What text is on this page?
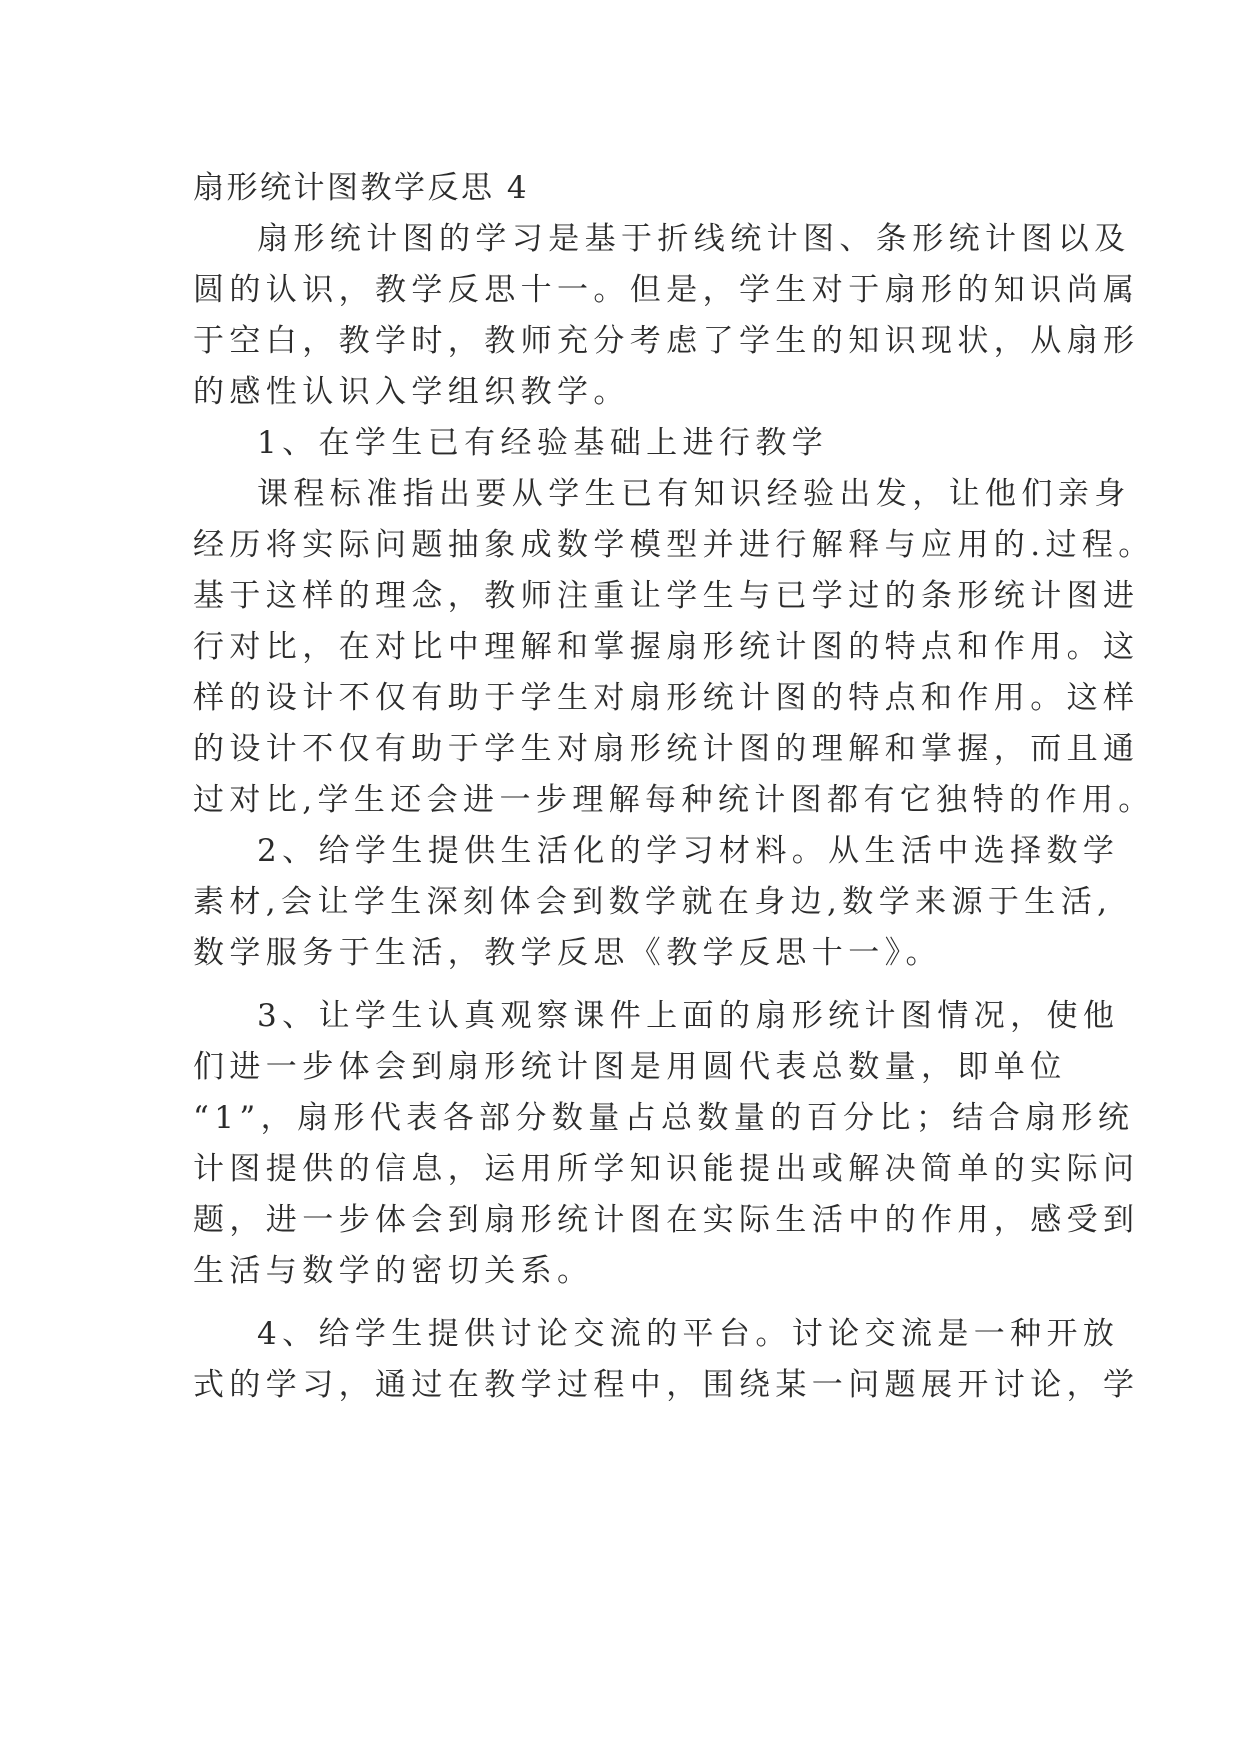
扇形统计图教学反思 4
扇形统计图的学习是基于折线统计图、条形统计图以及
圆的认识，教学反思十一。但是，学生对于扇形的知识尚属
于空白，教学时，教师充分考虑了学生的知识现状，从扇形
的感性认识入学组织教学。
1、在学生已有经验基础上进行教学
课程标准指出要从学生已有知识经验出发，让他们亲身
经历将实际问题抽象成数学模型并进行解释与应用的.过程。
基于这样的理念，教师注重让学生与已学过的条形统计图进
行对比，在对比中理解和掌握扇形统计图的特点和作用。这
样的设计不仅有助于学生对扇形统计图的特点和作用。这样
的设计不仅有助于学生对扇形统计图的理解和掌握，而且通
过对比,学生还会进一步理解每种统计图都有它独特的作用。
2、给学生提供生活化的学习材料。从生活中选择数学
素材,会让学生深刻体会到数学就在身边,数学来源于生活,
数学服务于生活，教学反思《教学反思十一》。
3、让学生认真观察课件上面的扇形统计图情况，使他
们进一步体会到扇形统计图是用圆代表总数量，即单位
“1”，扇形代表各部分数量占总数量的百分比；结合扇形统
计图提供的信息，运用所学知识能提出或解决简单的实际问
题，进一步体会到扇形统计图在实际生活中的作用，感受到
生活与数学的密切关系。
4、给学生提供讨论交流的平台。讨论交流是一种开放
式的学习，通过在教学过程中，围绕某一问题展开讨论，学
